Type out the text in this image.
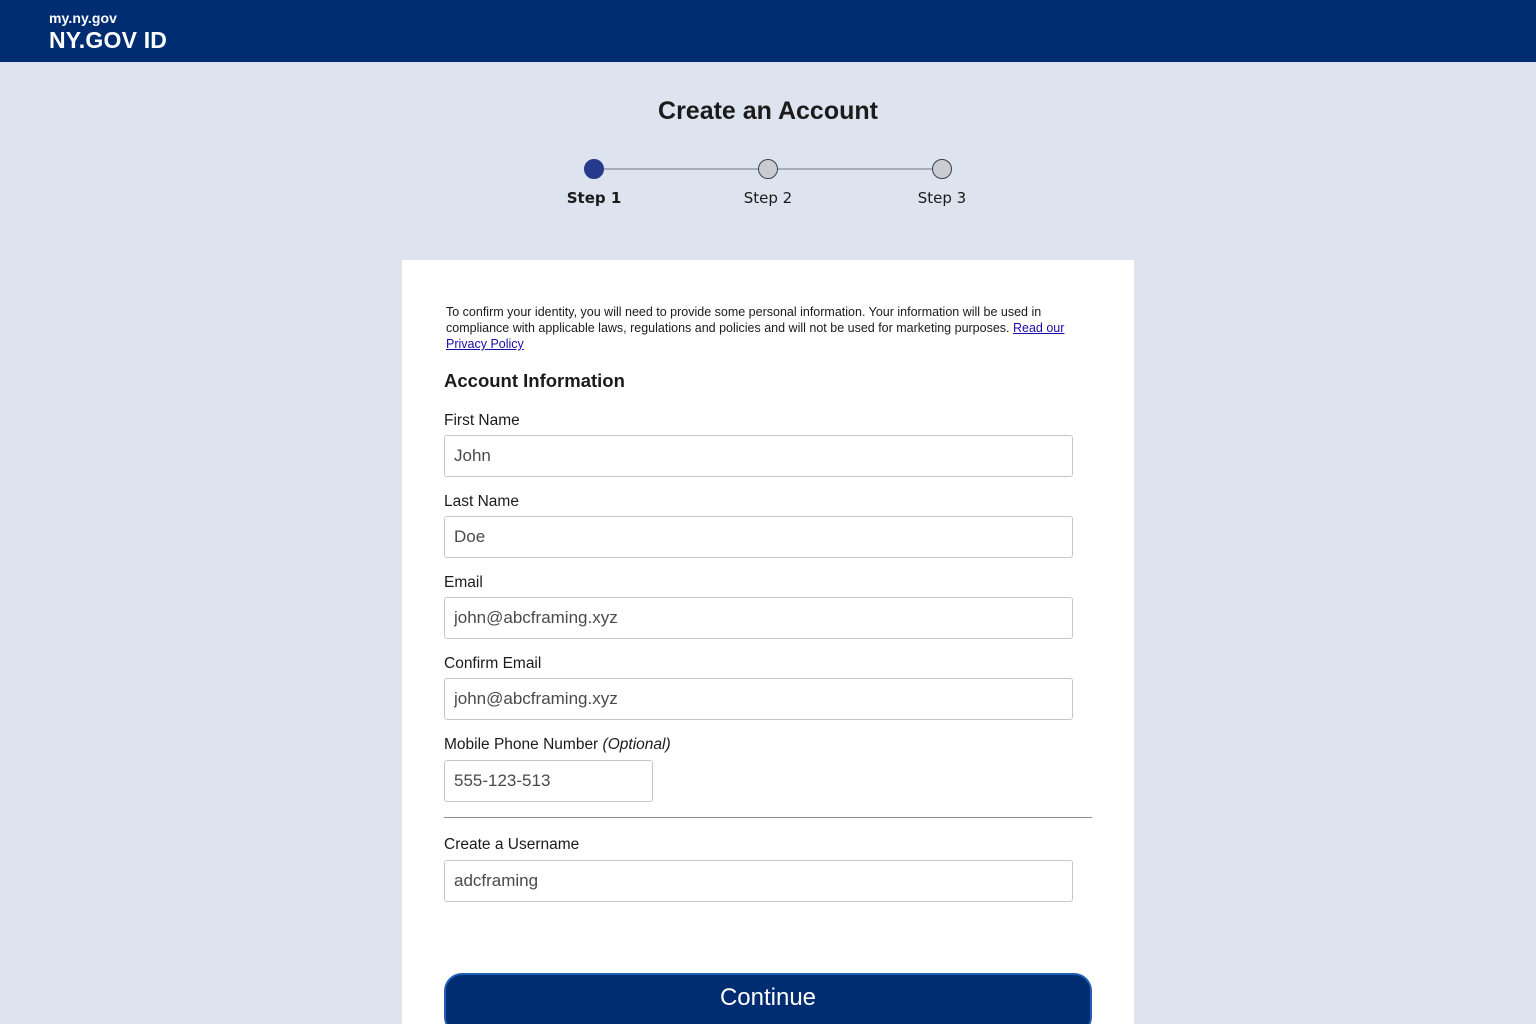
my.ny.gov
NY.GOV ID
Create an Account
Step 1	Step 2	Step 3

To confirm your identity, you will need to provide some personal information. Your information will be used in compliance with applicable laws, regulations and policies and will not be used for marketing purposes. Read our Privacy Policy

Account Information
First Name
John
Last Name
Doe
Email
john@abcframing.xyz
Confirm Email
john@abcframing.xyz
Mobile Phone Number (Optional)
555-123-513
Create a Username
adcframing
Continue
